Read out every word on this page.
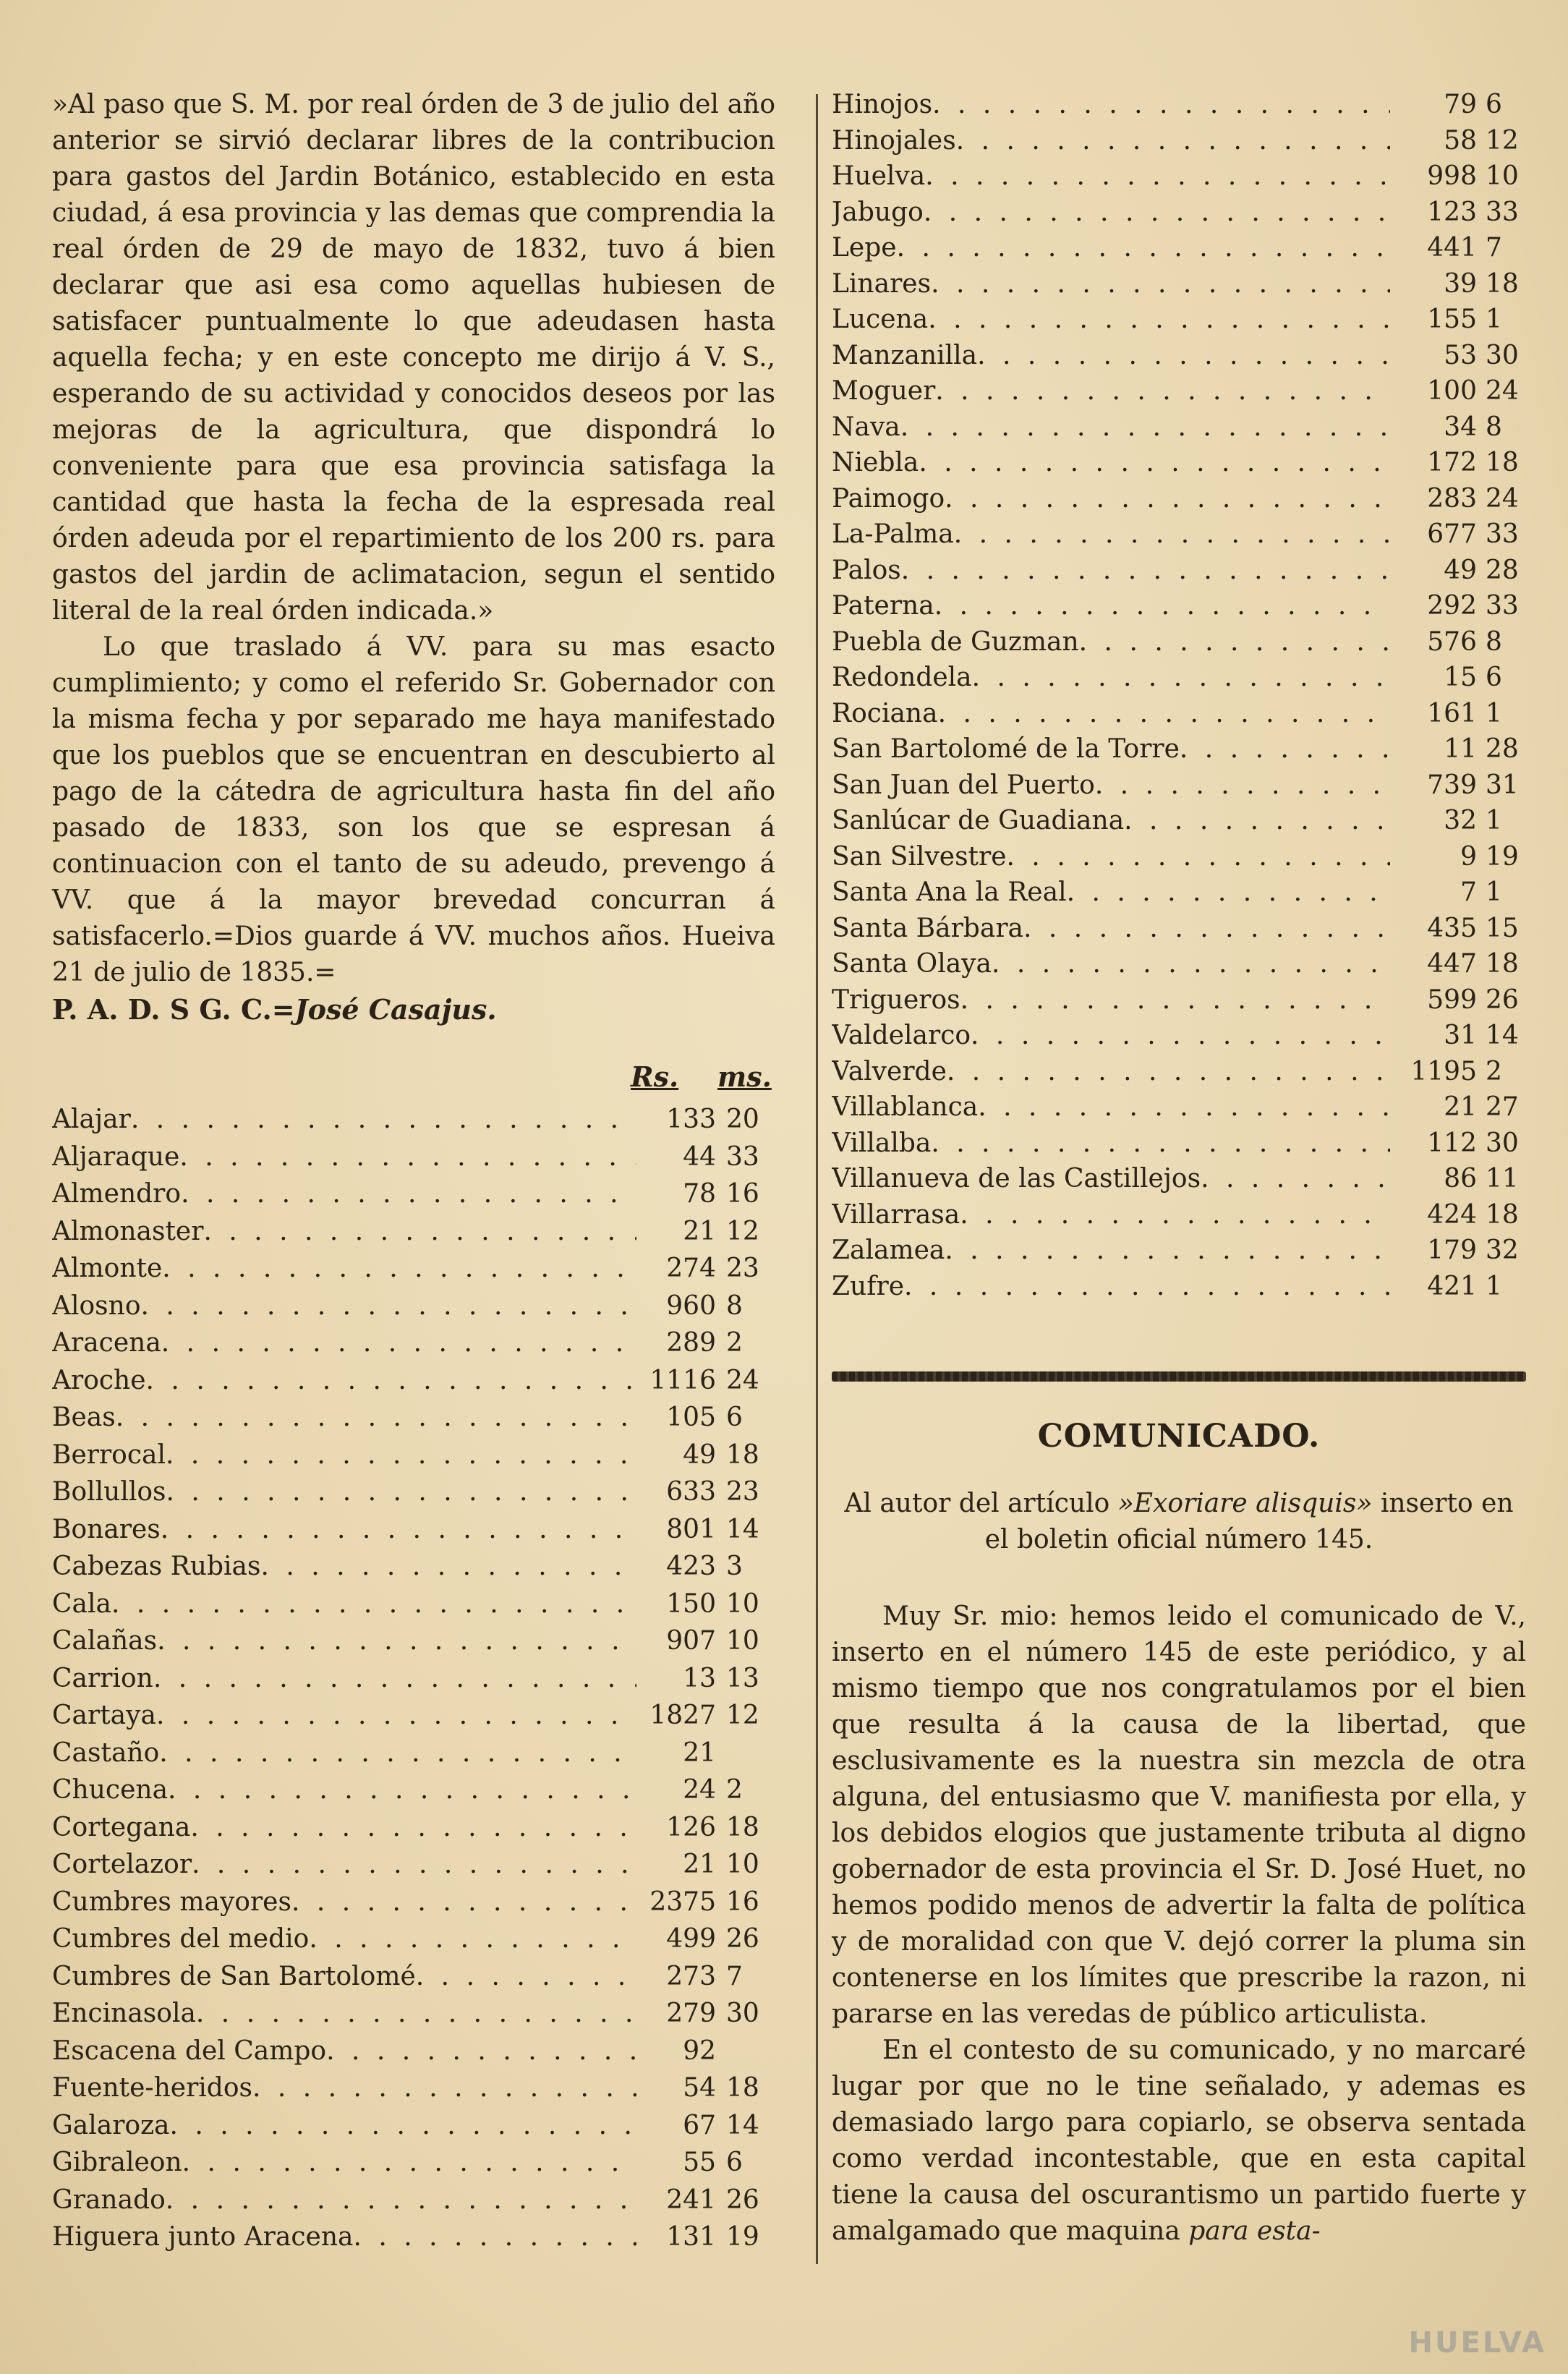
»Al paso que S. M. por real órden de 3 de julio del año anterior se sirvió declarar libres de la contribucion para gastos del Jardin Botánico, establecido en esta ciudad, á esa provincia y las demas que comprendia la real órden de 29 de mayo de 1832, tuvo á bien declarar que asi esa como aquellas hubiesen de satisfacer puntualmente lo que adeudasen hasta aquella fecha; y en este concepto me dirijo á V. S., esperando de su actividad y conocidos deseos por las mejoras de la agricultura, que dispondrá lo conveniente para que esa provincia satisfaga la cantidad que hasta la fecha de la espresada real órden adeuda por el repartimiento de los 200 rs. para gastos del jardin de aclimatacion, segun el sentido literal de la real órden indicada.»

Lo que traslado á VV. para su mas esacto cumplimiento; y como el referido Sr. Gobernador con la misma fecha y por separado me haya manifestado que los pueblos que se encuentran en descubierto al pago de la cátedra de agricultura hasta fin del año pasado de 1833, son los que se espresan á continuacion con el tanto de su adeudo, prevengo á VV. que á la mayor brevedad concurran á satisfacerlo.=Dios guarde á VV. muchos años. Hueiva 21 de julio de 1835.=

P. A. D. S G. C.=José Casajus.

Rs.	ms.
Alajar . . .	133 20
Aljaraque . . .	44 33
Almendro . . .	78 16
Almonaster . . .	21 12
Almonte . . .	274 23
Alosno . . .	960 8
Aracena . . .	289 2
Aroche . . .	1116 24
Beas . . .	105 6
Berrocal . . .	49 18
Bollullos . . .	633 23
Bonares . . .	801 14
Cabezas Rubias . . .	423 3
Cala . . .	150 10
Calañas . . .	907 10
Carrion . . .	13 13
Cartaya . . .	1827 12
Castaño . . .	21
Chucena . . .	24 2
Cortegana . . .	126 18
Cortelazor . . .	21 10
Cumbres mayores . . .	2375 16
Cumbres del medio . . .	499 26
Cumbres de San Bartolomé . . .	273 7
Encinasola . . .	279 30
Escacena del Campo . . .	92
Fuente-heridos . . .	54 18
Galaroza . . .	67 14
Gibraleon . . .	55 6
Granado . . .	241 26
Higuera junto Aracena . . .	131 19
Hinojos . . .	79 6
Hinojales . . .	58 12
Huelva . . .	998 10
Jabugo . . .	123 33
Lepe . . .	441 7
Linares . . .	39 18
Lucena . . .	155 1
Manzanilla . . .	53 30
Moguer . . .	100 24
Nava . . .	34 8
Niebla . . .	172 18
Paimogo . . .	283 24
La-Palma . . .	677 33
Palos . . .	49 28
Paterna . . .	292 33
Puebla de Guzman . . .	576 8
Redondela . . .	15 6
Rociana . . .	161 1
San Bartolomé de la Torre . . .	11 28
San Juan del Puerto . . .	739 31
Sanlúcar de Guadiana . . .	32 1
San Silvestre . . .	9 19
Santa Ana la Real . . .	7 1
Santa Bárbara . . .	435 15
Santa Olaya . . .	447 18
Trigueros . . .	599 26
Valdelarco . . .	31 14
Valverde . . .	1195 2
Villablanca . . .	21 27
Villalba . . .	112 30
Villanueva de las Castillejos . . .	86 11
Villarrasa . . .	424 18
Zalamea . . .	179 32
Zufre . . .	421 1
COMUNICADO.
Al autor del artículo »Exoriare alisquis» inserto en el boletin oficial número 145.

Muy Sr. mio: hemos leido el comunicado de V., inserto en el número 145 de este periódico, y al mismo tiempo que nos congratulamos por el bien que resulta á la causa de la libertad, que esclusivamente es la nuestra sin mezcla de otra alguna, del entusiasmo que V. manifiesta por ella, y los debidos elogios que justamente tributa al digno gobernador de esta provincia el Sr. D. José Huet, no hemos podido menos de advertir la falta de política y de moralidad con que V. dejó correr la pluma sin contenerse en los límites que prescribe la razon, ni pararse en las veredas de público articulista.

En el contesto de su comunicado, y no marcaré lugar por que no le tine señalado, y ademas es demasiado largo para copiarlo, se observa sentada como verdad incontestable, que en esta capital tiene la causa del oscurantismo un partido fuerte y amalgamado que maquina para esta-

HUELVA
